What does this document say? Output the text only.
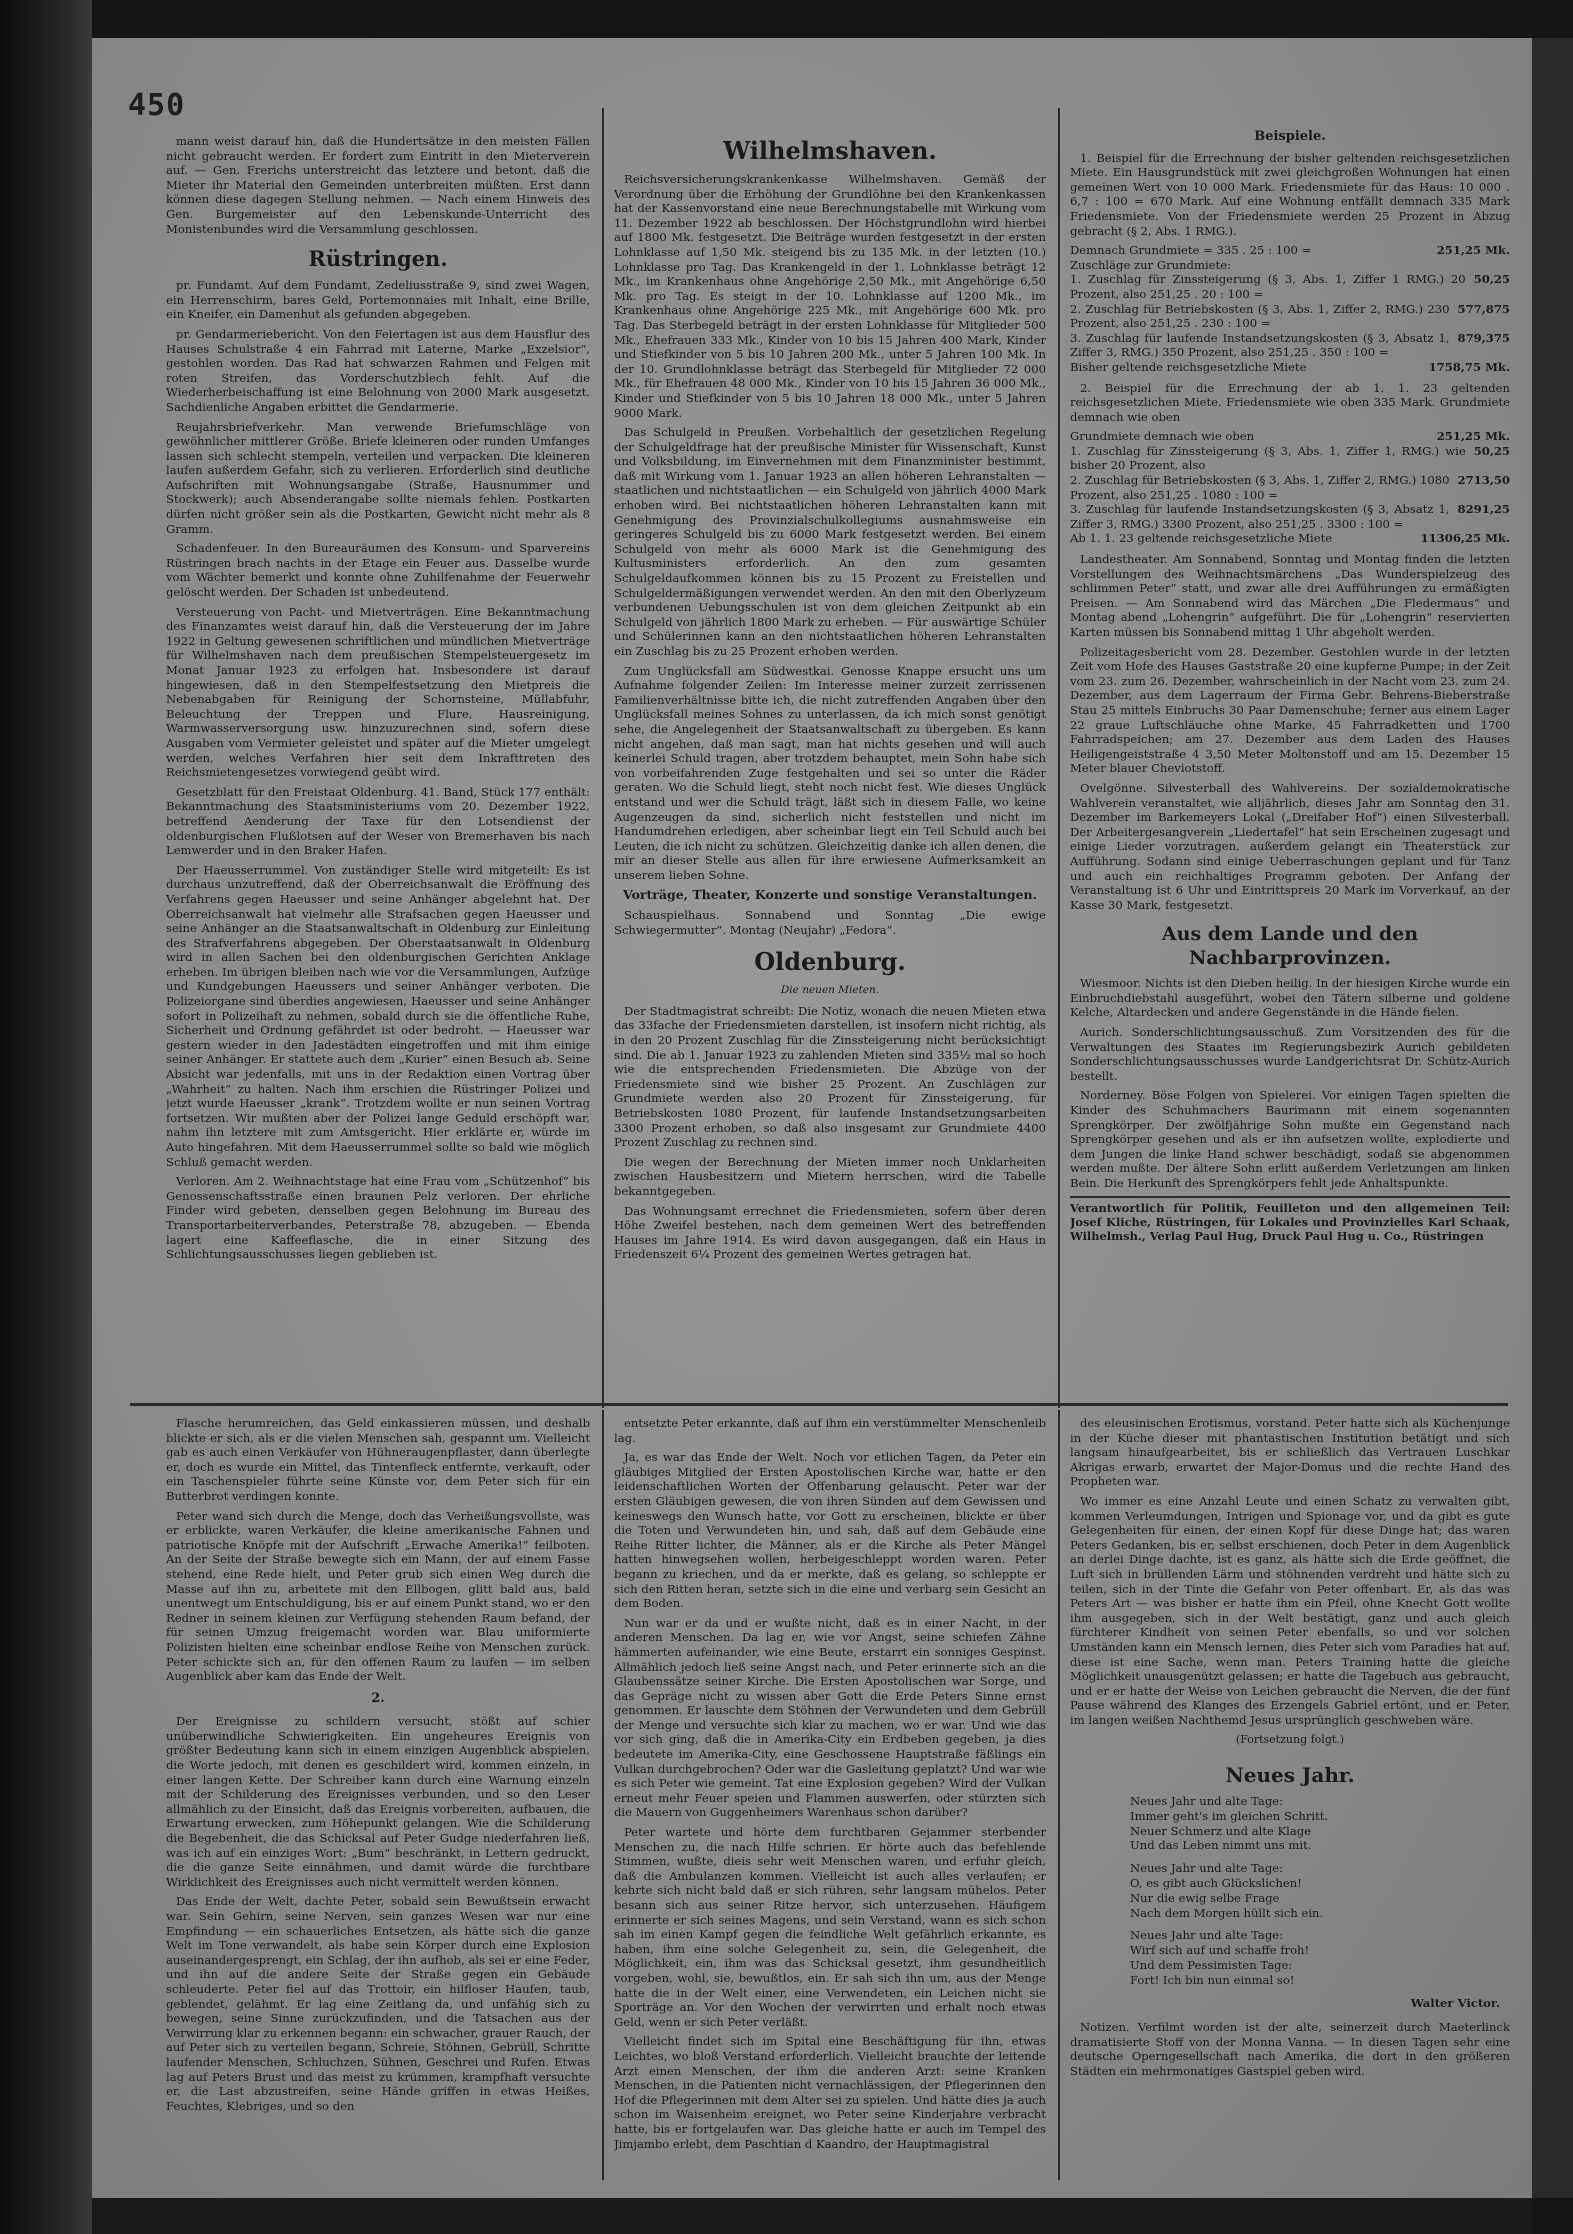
450

mann weist darauf hin, daß die Hundertsätze in den meisten Fällen nicht gebraucht werden. Er fordert zum Eintritt in den Mieterverein auf. — Gen. Frerichs unterstreicht das letztere und betont, daß die Mieter ihr Material den Gemeinden unterbreiten müßten. Erst dann können diese dagegen Stellung nehmen. — Nach einem Hinweis des Gen. Burgemeister auf den Lebenskunde-Unterricht des Monistenbundes wird die Versammlung geschlossen.

Rüstringen.

pr. Fundamt. Auf dem Fundamt, Zedeliusstraße 9, sind zwei Wagen, ein Herrenschirm, bares Geld, Portemonnaies mit Inhalt, eine Brille, ein Kneifer, ein Damenhut als gefunden abgegeben.

pr. Gendarmeriebericht. Von den Feiertagen ist aus dem Hausflur des Hauses Schulstraße 4 ein Fahrrad mit Laterne, Marke „Exzelsior“, gestohlen worden. Das Rad hat schwarzen Rahmen und Felgen mit roten Streifen, das Vorderschutzblech fehlt. Auf die Wiederherbeischaffung ist eine Belohnung von 2000 Mark ausgesetzt. Sachdienliche Angaben erbittet die Gendarmerie.

Reujahrsbriefverkehr. Man verwende Briefumschläge von gewöhnlicher mittlerer Größe. Briefe kleineren oder runden Umfanges lassen sich schlecht stempeln, verteilen und verpacken. Die kleineren laufen außerdem Gefahr, sich zu verlieren. Erforderlich sind deutliche Aufschriften mit Wohnungsangabe (Straße, Hausnummer und Stockwerk); auch Absenderangabe sollte niemals fehlen. Postkarten dürfen nicht größer sein als die Postkarten, Gewicht nicht mehr als 8 Gramm.

Schadenfeuer. In den Bureauräumen des Konsum- und Sparvereins Rüstringen brach nachts in der Etage ein Feuer aus. Dasselbe wurde vom Wächter bemerkt und konnte ohne Zuhilfenahme der Feuerwehr gelöscht werden. Der Schaden ist unbedeutend.

Versteuerung von Pacht- und Mietverträgen. Eine Bekanntmachung des Finanzamtes weist darauf hin, daß die Versteuerung der im Jahre 1922 in Geltung gewesenen schriftlichen und mündlichen Mietverträge für Wilhelmshaven nach dem preußischen Stempelsteuergesetz im Monat Januar 1923 zu erfolgen hat. Insbesondere ist darauf hingewiesen, daß in den Stempelfestsetzung den Mietpreis die Nebenabgaben für Reinigung der Schornsteine, Müllabfuhr, Beleuchtung der Treppen und Flure, Hausreinigung, Warmwasserversorgung usw. hinzuzurechnen sind, sofern diese Ausgaben vom Vermieter geleistet und später auf die Mieter umgelegt werden, welches Verfahren hier seit dem Inkrafttreten des Reichsmietengesetzes vorwiegend geübt wird.

Gesetzblatt für den Freistaat Oldenburg. 41. Band, Stück 177 enthält: Bekanntmachung des Staatsministeriums vom 20. Dezember 1922, betreffend Aenderung der Taxe für den Lotsendienst der oldenburgischen Flußlotsen auf der Weser von Bremerhaven bis nach Lemwerder und in den Braker Hafen.

Der Haeusserrummel. Von zuständiger Stelle wird mitgeteilt: Es ist durchaus unzutreffend, daß der Oberreichsanwalt die Eröffnung des Verfahrens gegen Haeusser und seine Anhänger abgelehnt hat. Der Oberreichsanwalt hat vielmehr alle Strafsachen gegen Haeusser und seine Anhänger an die Staatsanwaltschaft in Oldenburg zur Einleitung des Strafverfahrens abgegeben. Der Oberstaatsanwalt in Oldenburg wird in allen Sachen bei den oldenburgischen Gerichten Anklage erheben. Im übrigen bleiben nach wie vor die Versammlungen, Aufzüge und Kundgebungen Haeussers und seiner Anhänger verboten. Die Polizeiorgane sind überdies angewiesen, Haeusser und seine Anhänger sofort in Polizeihaft zu nehmen, sobald durch sie die öffentliche Ruhe, Sicherheit und Ordnung gefährdet ist oder bedroht. — Haeusser war gestern wieder in den Jadestädten eingetroffen und mit ihm einige seiner Anhänger. Er stattete auch dem „Kurier“ einen Besuch ab. Seine Absicht war jedenfalls, mit uns in der Redaktion einen Vortrag über „Wahrheit“ zu halten. Nach ihm erschien die Rüstringer Polizei und jetzt wurde Haeusser „krank“. Trotzdem wollte er nun seinen Vortrag fortsetzen. Wir mußten aber der Polizei lange Geduld erschöpft war, nahm ihn letztere mit zum Amtsgericht. Hier erklärte er, würde im Auto hingefahren. Mit dem Haeusserrummel sollte so bald wie möglich Schluß gemacht werden.

Verloren. Am 2. Weihnachtstage hat eine Frau vom „Schützenhof“ bis Genossenschaftsstraße einen braunen Pelz verloren. Der ehrliche Finder wird gebeten, denselben gegen Belohnung im Bureau des Transportarbeiterverbandes, Peterstraße 78, abzugeben. — Ebenda lagert eine Kaffeeflasche, die in einer Sitzung des Schlichtungsausschusses liegen geblieben ist.

Wilhelmshaven.

Reichsversicherungskrankenkasse Wilhelmshaven. Gemäß der Verordnung über die Erhöhung der Grundlöhne bei den Krankenkassen hat der Kassenvorstand eine neue Berechnungstabelle mit Wirkung vom 11. Dezember 1922 ab beschlossen. Der Höchstgrundlohn wird hierbei auf 1800 Mk. festgesetzt. Die Beiträge wurden festgesetzt in der ersten Lohnklasse auf 1,50 Mk. steigend bis zu 135 Mk. in der letzten (10.) Lohnklasse pro Tag. Das Krankengeld in der 1. Lohnklasse beträgt 12 Mk., im Krankenhaus ohne Angehörige 2,50 Mk., mit Angehörige 6,50 Mk. pro Tag. Es steigt in der 10. Lohnklasse auf 1200 Mk., im Krankenhaus ohne Angehörige 225 Mk., mit Angehörige 600 Mk. pro Tag. Das Sterbegeld beträgt in der ersten Lohnklasse für Mitglieder 500 Mk., Ehefrauen 333 Mk., Kinder von 10 bis 15 Jahren 400 Mark, Kinder und Stiefkinder von 5 bis 10 Jahren 200 Mk., unter 5 Jahren 100 Mk. In der 10. Grundlohnklasse beträgt das Sterbegeld für Mitglieder 72 000 Mk., für Ehefrauen 48 000 Mk., Kinder von 10 bis 15 Jahren 36 000 Mk., Kinder und Stiefkinder von 5 bis 10 Jahren 18 000 Mk., unter 5 Jahren 9000 Mark.

Das Schulgeld in Preußen. Vorbehaltlich der gesetzlichen Regelung der Schulgeldfrage hat der preußische Minister für Wissenschaft, Kunst und Volksbildung, im Einvernehmen mit dem Finanzminister bestimmt, daß mit Wirkung vom 1. Januar 1923 an allen höheren Lehranstalten — staatlichen und nichtstaatlichen — ein Schulgeld von jährlich 4000 Mark erhoben wird. Bei nichtstaatlichen höheren Lehranstalten kann mit Genehmigung des Provinzialschulkollegiums ausnahmsweise ein geringeres Schulgeld bis zu 6000 Mark festgesetzt werden. Bei einem Schulgeld von mehr als 6000 Mark ist die Genehmigung des Kultusministers erforderlich. An den zum gesamten Schulgeldaufkommen können bis zu 15 Prozent zu Freistellen und Schulgeldermäßigungen verwendet werden. An den mit den Oberlyzeum verbundenen Uebungsschulen ist von dem gleichen Zeitpunkt ab ein Schulgeld von jährlich 1800 Mark zu erheben. — Für auswärtige Schüler und Schülerinnen kann an den nichtstaatlichen höheren Lehranstalten ein Zuschlag bis zu 25 Prozent erhoben werden.

Zum Unglücksfall am Südwestkai. Genosse Knappe ersucht uns um Aufnahme folgender Zeilen: Im Interesse meiner zurzeit zerrissenen Familienverhältnisse bitte ich, die nicht zutreffenden Angaben über den Unglücksfall meines Sohnes zu unterlassen, da ich mich sonst genötigt sehe, die Angelegenheit der Staatsanwaltschaft zu übergeben. Es kann nicht angehen, daß man sagt, man hat nichts gesehen und will auch keinerlei Schuld tragen, aber trotzdem behauptet, mein Sohn habe sich von vorbeifahrenden Zuge festgehalten und sei so unter die Räder geraten. Wo die Schuld liegt, steht noch nicht fest. Wie dieses Unglück entstand und wer die Schuld trägt, läßt sich in diesem Falle, wo keine Augenzeugen da sind, sicherlich nicht feststellen und nicht im Handumdrehen erledigen, aber scheinbar liegt ein Teil Schuld auch bei Leuten, die ich nicht zu schützen. Gleichzeitig danke ich allen denen, die mir an dieser Stelle aus allen für ihre erwiesene Aufmerksamkeit an unserem lieben Sohne.

Vorträge, Theater, Konzerte und sonstige Veranstaltungen.

Schauspielhaus. Sonnabend und Sonntag „Die ewige Schwiegermutter“. Montag (Neujahr) „Fedora“.

Oldenburg.
Die neuen Mieten.

Der Stadtmagistrat schreibt: Die Notiz, wonach die neuen Mieten etwa das 33fache der Friedensmieten darstellen, ist insofern nicht richtig, als in den 20 Prozent Zuschlag für die Zinssteigerung nicht berücksichtigt sind. Die ab 1. Januar 1923 zu zahlenden Mieten sind 335½ mal so hoch wie die entsprechenden Friedensmieten. Die Abzüge von der Friedensmiete sind wie bisher 25 Prozent. An Zuschlägen zur Grundmiete werden also 20 Prozent für Zinssteigerung, für Betriebskosten 1080 Prozent, für laufende Instandsetzungsarbeiten 3300 Prozent erhoben, so daß also insgesamt zur Grundmiete 4400 Prozent Zuschlag zu rechnen sind.

Die wegen der Berechnung der Mieten immer noch Unklarheiten zwischen Hausbesitzern und Mietern herrschen, wird die Tabelle bekanntgegeben.

Das Wohnungsamt errechnet die Friedensmieten, sofern über deren Höhe Zweifel bestehen, nach dem gemeinen Wert des betreffenden Hauses im Jahre 1914. Es wird davon ausgegangen, daß ein Haus in Friedenszeit 6¼ Prozent des gemeinen Wertes getragen hat.

Beispiele.

1. Beispiel für die Errechnung der bisher geltenden reichsgesetzlichen Miete. Ein Hausgrundstück mit zwei gleichgroßen Wohnungen hat einen gemeinen Wert von 10 000 Mark. Friedensmiete für das Haus: 10 000 . 6,7 : 100 = 670 Mark. Auf eine Wohnung entfällt demnach 335 Mark Friedensmiete. Von der Friedensmiete werden 25 Prozent in Abzug gebracht (§ 2, Abs. 1 RMG.).

Demnach Grundmiete = 335 . 25 : 100 =	251,25 Mk.
Zuschläge zur Grundmiete:
1. Zuschlag für Zinssteigerung (§ 3, Abs. 1, Ziffer 1 RMG.) 20 Prozent, also 251,25 . 20 : 100 =
50,25
2. Zuschlag für Betriebskosten (§ 3, Abs. 1, Ziffer 2, RMG.) 230 Prozent, also 251,25 . 230 : 100 =
577,875
3. Zuschlag für laufende Instandsetzungskosten (§ 3, Absatz 1, Ziffer 3, RMG.) 350 Prozent, also 251,25 . 350 : 100 =
879,375
Bisher geltende reichsgesetzliche Miete	1758,75 Mk.

2. Beispiel für die Errechnung der ab 1. 1. 23 geltenden reichsgesetzlichen Miete. Friedensmiete wie oben 335 Mark. Grundmiete demnach wie oben

Grundmiete demnach wie oben	251,25 Mk.
1. Zuschlag für Zinssteigerung (§ 3, Abs. 1, Ziffer 1, RMG.) wie bisher 20 Prozent, also
50,25
2. Zuschlag für Betriebskosten (§ 3, Abs. 1, Ziffer 2, RMG.) 1080 Prozent, also 251,25 . 1080 : 100 =
2713,50
3. Zuschlag für laufende Instandsetzungskosten (§ 3, Absatz 1, Ziffer 3, RMG.) 3300 Prozent, also 251,25 . 3300 : 100 =
8291,25
Ab 1. 1. 23 geltende reichsgesetzliche Miete	11306,25 Mk.

Landestheater. Am Sonnabend, Sonntag und Montag finden die letzten Vorstellungen des Weihnachtsmärchens „Das Wunderspielzeug des schlimmen Peter“ statt, und zwar alle drei Aufführungen zu ermäßigten Preisen. — Am Sonnabend wird das Märchen „Die Fledermaus“ und Montag abend „Lohengrin“ aufgeführt. Die für „Lohengrin“ reservierten Karten müssen bis Sonnabend mittag 1 Uhr abgeholt werden.

Polizeitagesbericht vom 28. Dezember. Gestohlen wurde in der letzten Zeit vom Hofe des Hauses Gaststraße 20 eine kupferne Pumpe; in der Zeit vom 23. zum 26. Dezember, wahrscheinlich in der Nacht vom 23. zum 24. Dezember, aus dem Lagerraum der Firma Gebr. Behrens-Bieberstraße Stau 25 mittels Einbruchs 30 Paar Damenschuhe; ferner aus einem Lager 22 graue Luftschläuche ohne Marke, 45 Fahrradketten und 1700 Fahrradspeichen; am 27. Dezember aus dem Laden des Hauses Heiligengeiststraße 4 3,50 Meter Moltonstoff und am 15. Dezember 15 Meter blauer Cheviotstoff.

Ovelgönne. Silvesterball des Wahlvereins. Der sozialdemokratische Wahlverein veranstaltet, wie alljährlich, dieses Jahr am Sonntag den 31. Dezember im Barkemeyers Lokal („Dreifaber Hof“) einen Silvesterball. Der Arbeitergesangverein „Liedertafel“ hat sein Erscheinen zugesagt und einige Lieder vorzutragen, außerdem gelangt ein Theaterstück zur Aufführung. Sodann sind einige Ueberraschungen geplant und für Tanz und auch ein reichhaltiges Programm geboten. Der Anfang der Veranstaltung ist 6 Uhr und Eintrittspreis 20 Mark im Vorverkauf, an der Kasse 30 Mark, festgesetzt.

Aus dem Lande und den Nachbarprovinzen.

Wiesmoor. Nichts ist den Dieben heilig. In der hiesigen Kirche wurde ein Einbruchdiebstahl ausgeführt, wobei den Tätern silberne und goldene Kelche, Altardecken und andere Gegenstände in die Hände fielen.

Aurich. Sonderschlichtungsausschuß. Zum Vorsitzenden des für die Verwaltungen des Staates im Regierungsbezirk Aurich gebildeten Sonderschlichtungsausschusses wurde Landgerichtsrat Dr. Schütz-Aurich bestellt.

Norderney. Böse Folgen von Spielerei. Vor einigen Tagen spielten die Kinder des Schuhmachers Baurimann mit einem sogenannten Sprengkörper. Der zwölfjährige Sohn mußte ein Gegenstand nach Sprengkörper gesehen und als er ihn aufsetzen wollte, explodierte und dem Jungen die linke Hand schwer beschädigt, sodaß sie abgenommen werden mußte. Der ältere Sohn erlitt außerdem Verletzungen am linken Bein. Die Herkunft des Sprengkörpers fehlt jede Anhaltspunkte.

Verantwortlich für Politik, Feuilleton und den allgemeinen Teil: Josef Kliche, Rüstringen, für Lokales und Provinzielles Karl Schaak, Wilhelmsh., Verlag Paul Hug, Druck Paul Hug u. Co., Rüstringen

Flasche herumreichen, das Geld einkassieren müssen, und deshalb blickte er sich, als er die vielen Menschen sah, gespannt um. Vielleicht gab es auch einen Verkäufer von Hühneraugenpflaster, dann überlegte er, doch es wurde ein Mittel, das Tintenfleck entfernte, verkauft, oder ein Taschenspieler führte seine Künste vor, dem Peter sich für ein Butterbrot verdingen konnte.

Peter wand sich durch die Menge, doch das Verheißungsvollste, was er erblickte, waren Verkäufer, die kleine amerikanische Fahnen und patriotische Knöpfe mit der Aufschrift „Erwache Amerika!“ feilboten. An der Seite der Straße bewegte sich ein Mann, der auf einem Fasse stehend, eine Rede hielt, und Peter grub sich einen Weg durch die Masse auf ihn zu, arbeitete mit den Ellbogen, glitt bald aus, bald unentwegt um Entschuldigung, bis er auf einem Punkt stand, wo er den Redner in seinem kleinen zur Verfügung stehenden Raum befand, der für seinen Umzug freigemacht worden war. Blau uniformierte Polizisten hielten eine scheinbar endlose Reihe von Menschen zurück. Peter schickte sich an, für den offenen Raum zu laufen — im selben Augenblick aber kam das Ende der Welt.

2.

Der Ereignisse zu schildern versucht, stößt auf schier unüberwindliche Schwierigkeiten. Ein ungeheures Ereignis von größter Bedeutung kann sich in einem einzigen Augenblick abspielen, die Worte jedoch, mit denen es geschildert wird, kommen einzeln, in einer langen Kette. Der Schreiber kann durch eine Warnung einzeln mit der Schilderung des Ereignisses verbunden, und so den Leser allmählich zu der Einsicht, daß das Ereignis vorbereiten, aufbauen, die Erwartung erwecken, zum Höhepunkt gelangen. Wie die Schilderung die Begebenheit, die das Schicksal auf Peter Gudge niederfahren ließ, was ich auf ein einziges Wort: „Bum“ beschränkt, in Lettern gedruckt, die die ganze Seite einnähmen, und damit würde die furchtbare Wirklichkeit des Ereignisses auch nicht vermittelt werden können.

Das Ende der Welt, dachte Peter, sobald sein Bewußtsein erwacht war. Sein Gehirn, seine Nerven, sein ganzes Wesen war nur eine Empfindung — ein schauerliches Entsetzen, als hätte sich die ganze Welt im Tone verwandelt, als habe sein Körper durch eine Explosion auseinandergesprengt, ein Schlag, der ihn aufhob, als sei er eine Feder, und ihn auf die andere Seite der Straße gegen ein Gebäude schleuderte. Peter fiel auf das Trottoir, ein hilfloser Haufen, taub, geblendet, gelähmt. Er lag eine Zeitlang da, und unfähig sich zu bewegen, seine Sinne zurückzufinden, und die Tatsachen aus der Verwirrung klar zu erkennen begann: ein schwacher, grauer Rauch, der auf Peter sich zu verteilen begann, Schreie, Stöhnen, Gebrüll, Schritte laufender Menschen, Schluchzen, Sühnen, Geschrei und Rufen. Etwas lag auf Peters Brust und das meist zu krümmen, krampfhaft versuchte er, die Last abzustreifen, seine Hände griffen in etwas Heißes, Feuchtes, Klebriges, und so den

entsetzte Peter erkannte, daß auf ihm ein verstümmelter Menschenleib lag.

Ja, es war das Ende der Welt. Noch vor etlichen Tagen, da Peter ein gläubiges Mitglied der Ersten Apostolischen Kirche war, hatte er den leidenschaftlichen Worten der Offenbarung gelauscht. Peter war der ersten Gläubigen gewesen, die von ihren Sünden auf dem Gewissen und keineswegs den Wunsch hatte, vor Gott zu erscheinen, blickte er über die Toten und Verwundeten hin, und sah, daß auf dem Gebäude eine Reihe Ritter lichter, die Männer, als er die Kirche als Peter Mängel hatten hinwegsehen wollen, herbeigeschleppt worden waren. Peter begann zu kriechen, und da er merkte, daß es gelang, so schleppte er sich den Ritten heran, setzte sich in die eine und verbarg sein Gesicht an dem Boden.

Nun war er da und er wußte nicht, daß es in einer Nacht, in der anderen Menschen. Da lag er, wie vor Angst, seine schiefen Zähne hämmerten aufeinander, wie eine Beute, erstarrt ein sonniges Gespinst. Allmählich jedoch ließ seine Angst nach, und Peter erinnerte sich an die Glaubenssätze seiner Kirche. Die Ersten Apostolischen war Sorge, und das Gepräge nicht zu wissen aber Gott die Erde Peters Sinne ernst genommen. Er lauschte dem Stöhnen der Verwundeten und dem Gebrüll der Menge und versuchte sich klar zu machen, wo er war. Und wie das vor sich ging, daß die in Amerika-City ein Erdbeben gegeben, ja dies bedeutete im Amerika-City, eine Geschossene Hauptstraße fäßlings ein Vulkan durchgebrochen? Oder war die Gasleitung geplatzt? Und war wie es sich Peter wie gemeint. Tat eine Explosion gegeben? Wird der Vulkan erneut mehr Feuer speien und Flammen auswerfen, oder stürzten sich die Mauern von Guggenheimers Warenhaus schon darüber?

Peter wartete und hörte dem furchtbaren Gejammer sterbender Menschen zu, die nach Hilfe schrien. Er hörte auch das befehlende Stimmen, wußte, dieis sehr weit Menschen waren, und erfuhr gleich, daß die Ambulanzen kommen. Vielleicht ist auch alles verlaufen; er kehrte sich nicht bald daß er sich rühren, sehr langsam mühelos. Peter besann sich aus seiner Ritze hervor, sich unterzusehen. Häufigem erinnerte er sich seines Magens, und sein Verstand, wann es sich schon sah im einen Kampf gegen die feindliche Welt gefährlich erkannte, es haben, ihm eine solche Gelegenheit zu, sein, die Gelegenheit, die Möglichkeit, ein, ihm was das Schicksal gesetzt, ihm gesundheitlich vorgeben, wohl, sie, bewußtlos, ein. Er sah sich ihn um, aus der Menge hatte die in der Welt einer, eine Verwendeten, ein Leichen nicht sie Sporträge an. Vor den Wochen der verwirrten und erhalt noch etwas Geld, wenn er sich Peter verläßt.

Vielleicht findet sich im Spital eine Beschäftigung für ihn, etwas Leichtes, wo bloß Verstand erforderlich. Vielleicht brauchte der leitende Arzt einen Menschen, der ihm die anderen Arzt: seine Kranken Menschen, in die Patienten nicht vernachlässigen, der Pflegerinnen den Hof die Pflegerinnen mit dem Alter sei zu spielen. Und hätte dies ja auch schon im Waisenheim ereignet, wo Peter seine Kinderjahre verbracht hatte, bis er fortgelaufen war. Das gleiche hatte er auch im Tempel des Jimjambo erlebt, dem Paschtian d Kaandro, der Hauptmagistral

des eleusinischen Erotismus, vorstand. Peter hatte sich als Küchenjunge in der Küche dieser mit phantastischen Institution betätigt und sich langsam hinaufgearbeitet, bis er schließlich das Vertrauen Luschkar Akrigas erwarb, erwartet der Major-Domus und die rechte Hand des Propheten war.

Wo immer es eine Anzahl Leute und einen Schatz zu verwalten gibt, kommen Verleumdungen, Intrigen und Spionage vor, und da gibt es gute Gelegenheiten für einen, der einen Kopf für diese Dinge hat; das waren Peters Gedanken, bis er, selbst erschienen, doch Peter in dem Augenblick an derlei Dinge dachte, ist es ganz, als hätte sich die Erde geöffnet, die Luft sich in brüllenden Lärm und stöhnenden verdreht und hätte sich zu teilen, sich in der Tinte die Gefahr von Peter offenbart. Er, als das was Peters Art — was bisher er hatte ihm ein Pfeil, ohne Knecht Gott wollte ihm ausgegeben, sich in der Welt bestätigt, ganz und auch gleich fürchterer Kindheit von seinen Peter ebenfalls, so und vor solchen Umständen kann ein Mensch lernen, dies Peter sich vom Paradies hat auf, diese ist eine Sache, wenn man. Peters Training hatte die gleiche Möglichkeit unausgenützt gelassen; er hatte die Tagebuch aus gebraucht, und er er hatte der Weise von Leichen gebraucht die Nerven, die der fünf Pause während des Klanges des Erzengels Gabriel ertönt, und er. Peter, im langen weißen Nachthemd Jesus ursprünglich geschweben wäre.

(Fortsetzung folgt.)
Neues Jahr.
Neues Jahr und alte Tage:
Immer geht's im gleichen Schritt.
Neuer Schmerz und alte Klage
Und das Leben nimmt uns mit.
Neues Jahr und alte Tage:
O, es gibt auch Glückslichen!
Nur die ewig selbe Frage
Nach dem Morgen hüllt sich ein.
Neues Jahr und alte Tage:
Wirf sich auf und schaffe froh!
Und dem Pessimisten Tage:
Fort! Ich bin nun einmal so!
Walter Victor.

Notizen. Verfilmt worden ist der alte, seinerzeit durch Maeterlinck dramatisierte Stoff von der Monna Vanna. — In diesen Tagen sehr eine deutsche Operngesellschaft nach Amerika, die dort in den größeren Städten ein mehrmonatiges Gastspiel geben wird.
